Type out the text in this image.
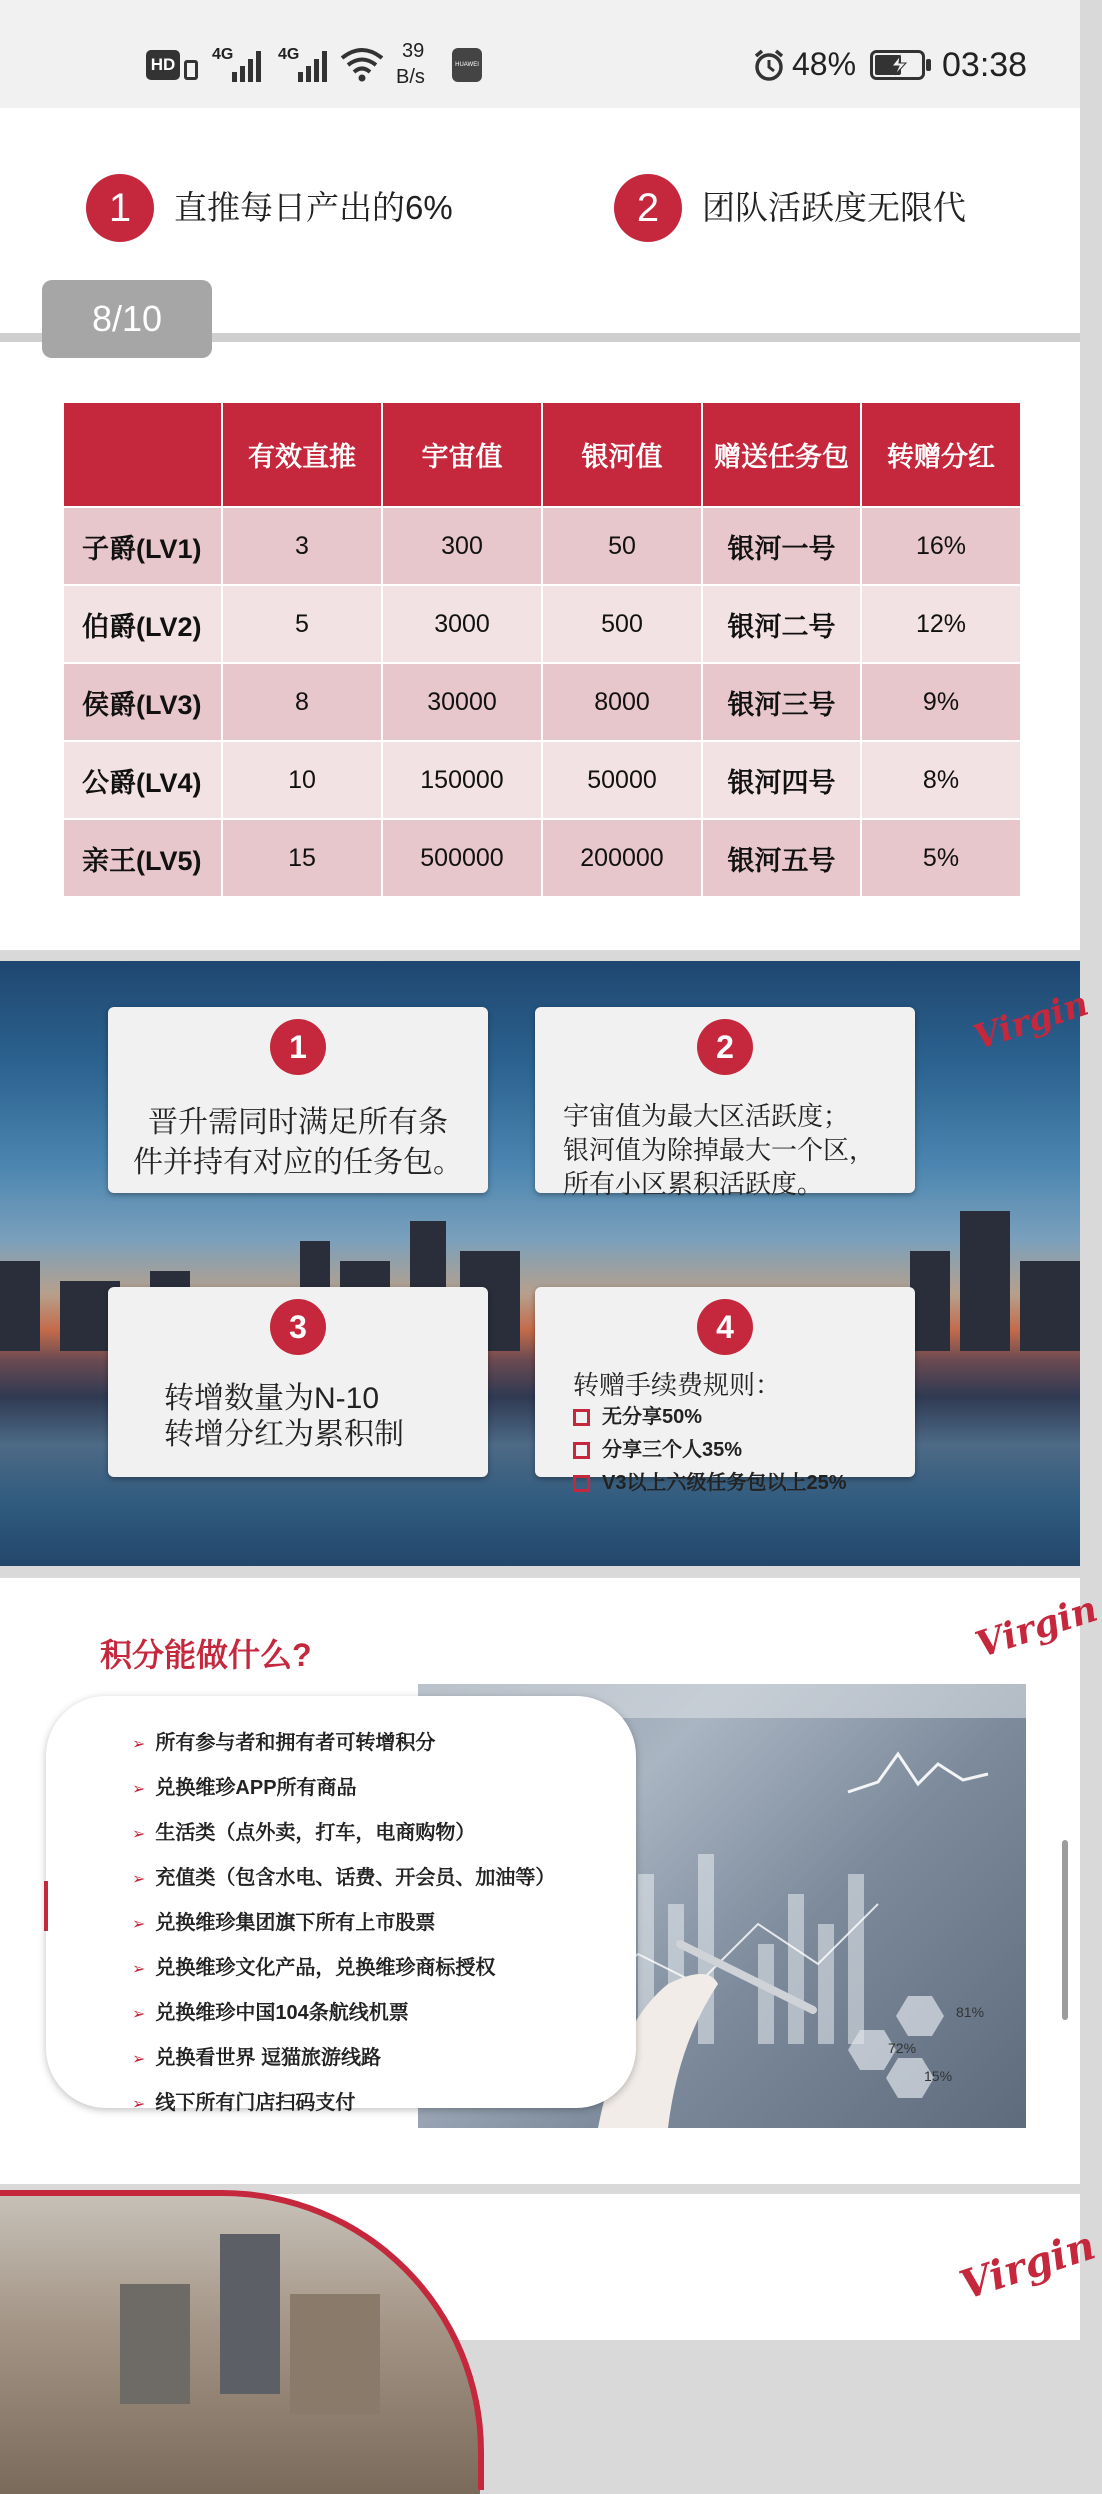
HD
4G	4G	39
B/s
HUAWEI	48%	03:38
1	直推每日产出的6%	2	团队活跃度无限代
8/10
	有效直推	宇宙值	银河值	赠送任务包	转赠分红
子爵(LV1)	3	300	50	银河一号	16%
伯爵(LV2)	5	3000	500	银河二号	12%
侯爵(LV3)	8	30000	8000	银河三号	9%
公爵(LV4)	10	150000	50000	银河四号	8%
亲王(LV5)	15	500000	200000	银河五号	5%
Virgin
1
晋升需同时满足所有条
件并持有对应的任务包。
2
宇宙值为最大区活跃度；
银河值为除掉最大一个区，
所有小区累积活跃度。
3
转增数量为N-10
转增分红为累积制
4
转赠手续费规则：
无分享50%
分享三个人35%
V3以上六级任务包以上25%
积分能做什么?	Virgin
81%
72%
15%
➢ 所有参与者和拥有者可转增积分
➢ 兑换维珍APP所有商品
➢ 生活类（点外卖，打车，电商购物）
➢ 充值类（包含水电、话费、开会员、加油等）
➢ 兑换维珍集团旗下所有上市股票
➢ 兑换维珍文化产品，兑换维珍商标授权
➢ 兑换维珍中国104条航线机票
➢ 兑换看世界 逗猫旅游线路
➢ 线下所有门店扫码支付
Virgin
